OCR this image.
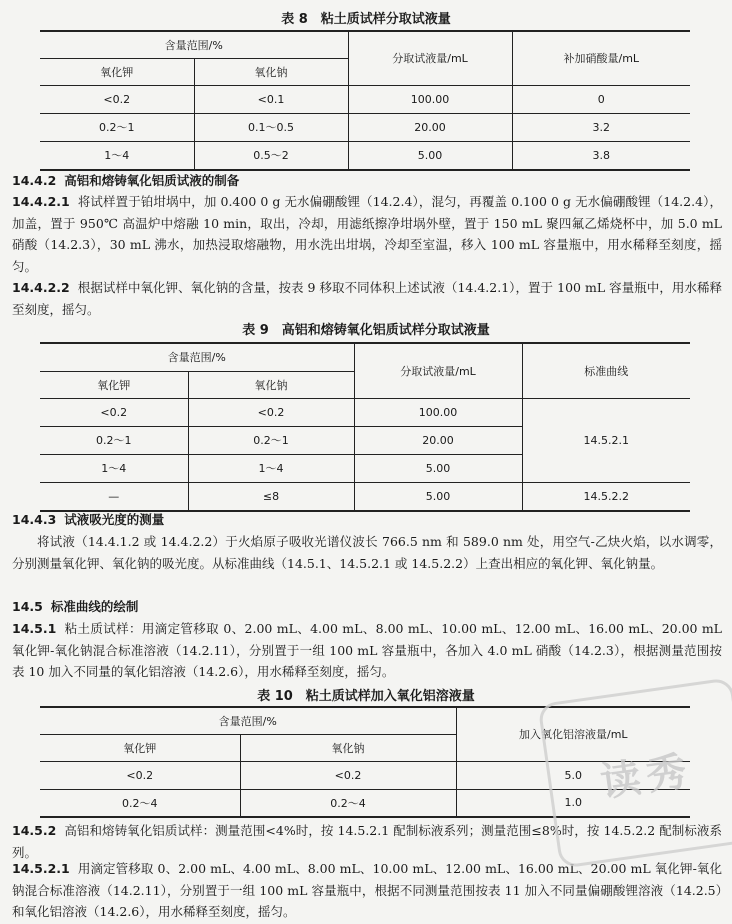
表 8　粘土质试样分取试液量
含量范围/%		分取试液量/mL	补加硝酸量/mL
氧化钾	氧化钠		
<0.2	<0.1	100.00	0
0.2～1	0.1～0.5	20.00	3.2
1～4	0.5～2	5.00	3.8

14.4.2 高铝和熔铸氧化铝质试液的制备

14.4.2.1 将试样置于铂坩埚中，加 0.400 0 g 无水偏硼酸锂（14.2.4），混匀，再覆盖 0.100 0 g 无水偏硼酸锂（14.2.4），加盖，置于 950℃ 高温炉中熔融 10 min，取出，冷却，用滤纸擦净坩埚外壁，置于 150 mL 聚四氟乙烯烧杯中，加 5.0 mL 硝酸（14.2.3），30 mL 沸水，加热浸取熔融物，用水洗出坩埚，冷却至室温，移入 100 mL 容量瓶中，用水稀释至刻度，摇匀。

14.4.2.2 根据试样中氧化钾、氧化钠的含量，按表 9 移取不同体积上述试液（14.4.2.1），置于 100 mL 容量瓶中，用水稀释至刻度，摇匀。

表 9　高铝和熔铸氧化铝质试样分取试液量
含量范围/%		分取试液量/mL	标准曲线
氧化钾	氧化钠		
<0.2	<0.2	100.00	14.5.2.1
0.2～1	0.2～1	20.00	
1～4	1～4	5.00	
—	≤8	5.00	14.5.2.2

14.4.3 试液吸光度的测量

将试液（14.4.1.2 或 14.4.2.2）于火焰原子吸收光谱仪波长 766.5 nm 和 589.0 nm 处，用空气-乙炔火焰，以水调零，分别测量氧化钾、氧化钠的吸光度。从标准曲线（14.5.1、14.5.2.1 或 14.5.2.2）上查出相应的氧化钾、氧化钠量。

14.5 标准曲线的绘制

14.5.1 粘土质试样：用滴定管移取 0、2.00 mL、4.00 mL、8.00 mL、10.00 mL、12.00 mL、16.00 mL、20.00 mL 氧化钾-氧化钠混合标准溶液（14.2.11），分别置于一组 100 mL 容量瓶中，各加入 4.0 mL 硝酸（14.2.3），根据测量范围按表 10 加入不同量的氧化铝溶液（14.2.6），用水稀释至刻度，摇匀。

表 10　粘土质试样加入氧化铝溶液量
含量范围/%		加入氧化铝溶液量/mL
氧化钾	氧化钠	
<0.2	<0.2	5.0
0.2～4	0.2～4	1.0

14.5.2 高铝和熔铸氧化铝质试样：测量范围<4%时，按 14.5.2.1 配制标液系列；测量范围≤8%时，按 14.5.2.2 配制标液系列。

14.5.2.1 用滴定管移取 0、2.00 mL、4.00 mL、8.00 mL、10.00 mL、12.00 mL、16.00 mL、20.00 mL 氧化钾-氧化钠混合标准溶液（14.2.11），分别置于一组 100 mL 容量瓶中，根据不同测量范围按表 11 加入不同量偏硼酸锂溶液（14.2.5）和氧化铝溶液（14.2.6），用水稀释至刻度，摇匀。

读秀
